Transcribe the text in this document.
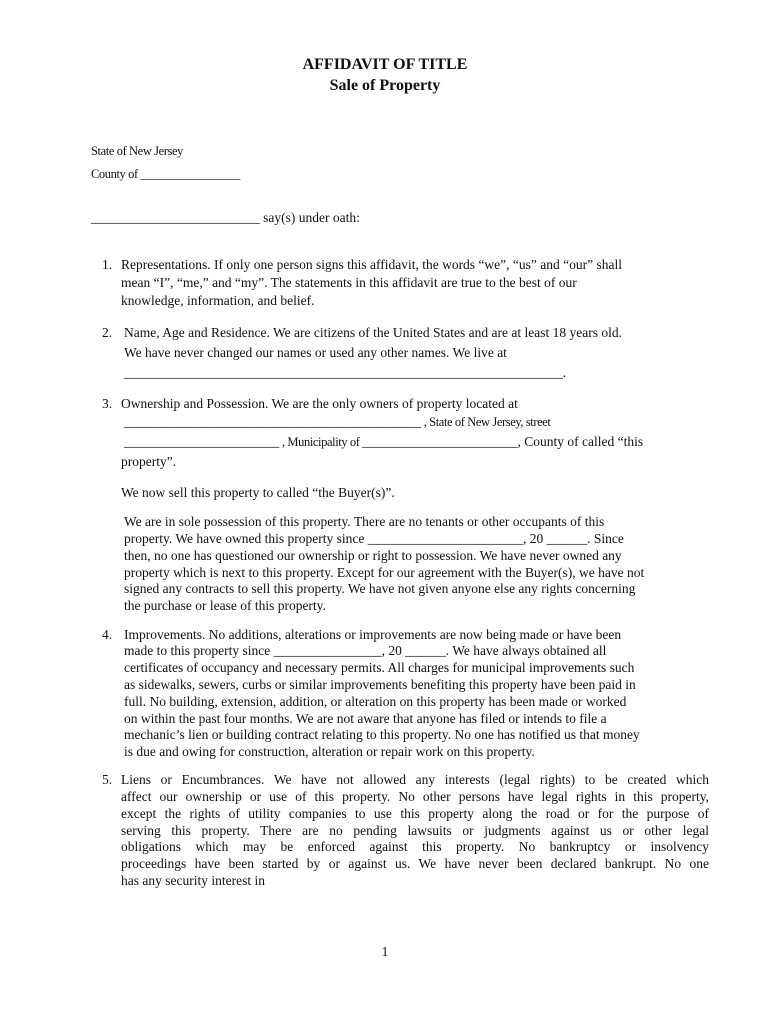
AFFIDAVIT OF TITLE
Sale of Property
State of New Jersey
County of _________________
_________________________ say(s) under oath:
1. Representations. If only one person signs this affidavit, the words “we”, “us” and “our” shall
mean “I”, “me,” and “my”. The statements in this affidavit are true to the best of our
knowledge, information, and belief.
2. Name, Age and Residence. We are citizens of the United States and are at least 18 years old.
We have never changed our names or used any other names. We live at
_________________________________________________________________.
3. Ownership and Possession. We are the only owners of property located at
____________________________________________ , State of New Jersey, street
_______________________ , Municipality of _______________________, County of called “this
property”.
We now sell this property to called “the Buyer(s)”.
We are in sole possession of this property. There are no tenants or other occupants of this
property. We have owned this property since _______________________, 20 ______. Since
then, no one has questioned our ownership or right to possession. We have never owned any
property which is next to this property. Except for our agreement with the Buyer(s), we have not
signed any contracts to sell this property. We have not given anyone else any rights concerning
the purchase or lease of this property.
4. Improvements. No additions, alterations or improvements are now being made or have been
made to this property since ________________, 20 ______. We have always obtained all
certificates of occupancy and necessary permits. All charges for municipal improvements such
as sidewalks, sewers, curbs or similar improvements benefiting this property have been paid in
full. No building, extension, addition, or alteration on this property has been made or worked
on within the past four months. We are not aware that anyone has filed or intends to file a
mechanic’s lien or building contract relating to this property. No one has notified us that money
is due and owing for construction, alteration or repair work on this property.
5. Liens or Encumbrances. We have not allowed any interests (legal rights) to be created which
affect our ownership or use of this property. No other persons have legal rights in this property,
except the rights of utility companies to use this property along the road or for the purpose of
serving this property. There are no pending lawsuits or judgments against us or other legal
obligations which may be enforced against this property. No bankruptcy or insolvency
proceedings have been started by or against us. We have never been declared bankrupt. No one
has any security interest in
1
